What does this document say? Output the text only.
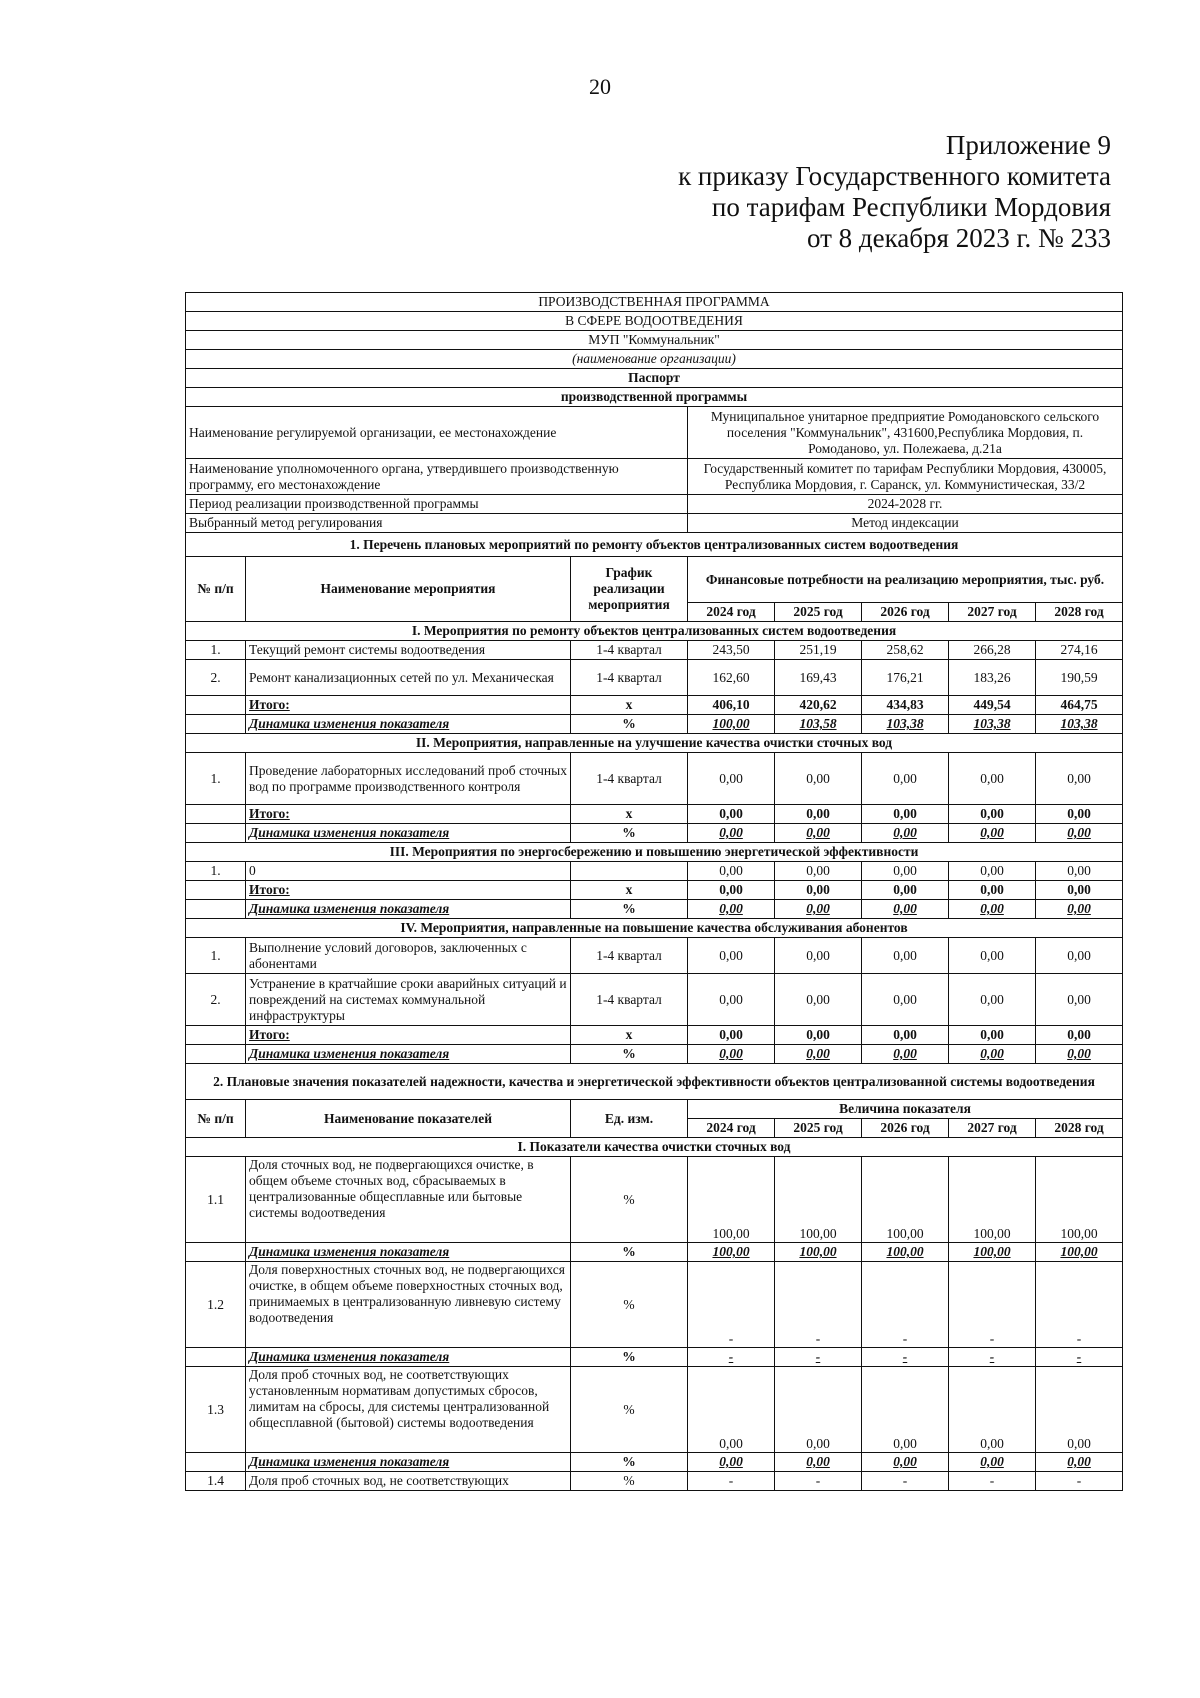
20
Приложение 9
к приказу Государственного комитета
по тарифам Республики Мордовия
от 8 декабря 2023 г. № 233
ПРОИЗВОДСТВЕННАЯ ПРОГРАММА							
В СФЕРЕ ВОДООТВЕДЕНИЯ							
МУП "Коммунальник"							
(наименование организации)							
Паспорт							
производственной программы							
Наименование регулируемой организации, ее местонахождение			Муниципальное унитарное предприятие Ромодановского сельского поселения "Коммунальник", 431600,Республика Мордовия, п. Ромоданово, ул. Полежаева, д.21а				
Наименование уполномоченного органа, утвердившего производственную программу, его местонахождение			Государственный комитет по тарифам Республики Мордовия, 430005, Республика Мордовия, г. Саранск, ул. Коммунистическая, 33/2				
Период реализации производственной программы			2024-2028 гг.				
Выбранный метод регулирования			Метод индексации				
1. Перечень плановых мероприятий по ремонту объектов централизованных систем водоотведения							
№ п/п	Наименование мероприятия	График реализации мероприятия	Финансовые потребности на реализацию мероприятия, тыс. руб.				
			2024 год	2025 год	2026 год	2027 год	2028 год
I. Мероприятия по ремонту объектов централизованных систем водоотведения							
1.	Текущий ремонт системы водоотведения	1-4 квартал	243,50	251,19	258,62	266,28	274,16
2.	Ремонт канализационных сетей по ул. Механическая	1-4 квартал	162,60	169,43	176,21	183,26	190,59
	Итого:	х	406,10	420,62	434,83	449,54	464,75
	Динамика изменения показателя	%	100,00	103,58	103,38	103,38	103,38
II. Мероприятия, направленные на улучшение качества очистки сточных вод							
1.	Проведение лабораторных исследований проб сточных вод по программе производственного контроля	1-4 квартал	0,00	0,00	0,00	0,00	0,00
	Итого:	х	0,00	0,00	0,00	0,00	0,00
	Динамика изменения показателя	%	0,00	0,00	0,00	0,00	0,00
III. Мероприятия по энергосбережению и повышению энергетической эффективности							
1.	0		0,00	0,00	0,00	0,00	0,00
	Итого:	х	0,00	0,00	0,00	0,00	0,00
	Динамика изменения показателя	%	0,00	0,00	0,00	0,00	0,00
IV. Мероприятия, направленные на повышение качества обслуживания абонентов							
1.	Выполнение условий договоров, заключенных с абонентами	1-4 квартал	0,00	0,00	0,00	0,00	0,00
2.	Устранение в кратчайшие сроки аварийных ситуаций и повреждений на системах коммунальной инфраструктуры	1-4 квартал	0,00	0,00	0,00	0,00	0,00
	Итого:	х	0,00	0,00	0,00	0,00	0,00
	Динамика изменения показателя	%	0,00	0,00	0,00	0,00	0,00
2. Плановые значения показателей надежности, качества и энергетической эффективности объектов централизованной системы водоотведения							
№ п/п	Наименование показателей	Ед. изм.	Величина показателя				
			2024 год	2025 год	2026 год	2027 год	2028 год
I. Показатели качества очистки сточных вод							
1.1	Доля сточных вод, не подвергающихся очистке, в общем объеме сточных вод, сбрасываемых в централизованные общесплавные или бытовые системы водоотведения	%	100,00	100,00	100,00	100,00	100,00
	Динамика изменения показателя	%	100,00	100,00	100,00	100,00	100,00
1.2	Доля поверхностных сточных вод, не подвергающихся очистке, в общем объеме поверхностных сточных вод, принимаемых в централизованную ливневую систему водоотведения	%	-	-	-	-	-
	Динамика изменения показателя	%	-	-	-	-	-
1.3	Доля проб сточных вод, не соответствующих установленным нормативам допустимых сбросов, лимитам на сбросы, для системы централизованной общесплавной (бытовой) системы водоотведения	%	0,00	0,00	0,00	0,00	0,00
	Динамика изменения показателя	%	0,00	0,00	0,00	0,00	0,00
1.4	Доля проб сточных вод, не соответствующих	%	-	-	-	-	-
